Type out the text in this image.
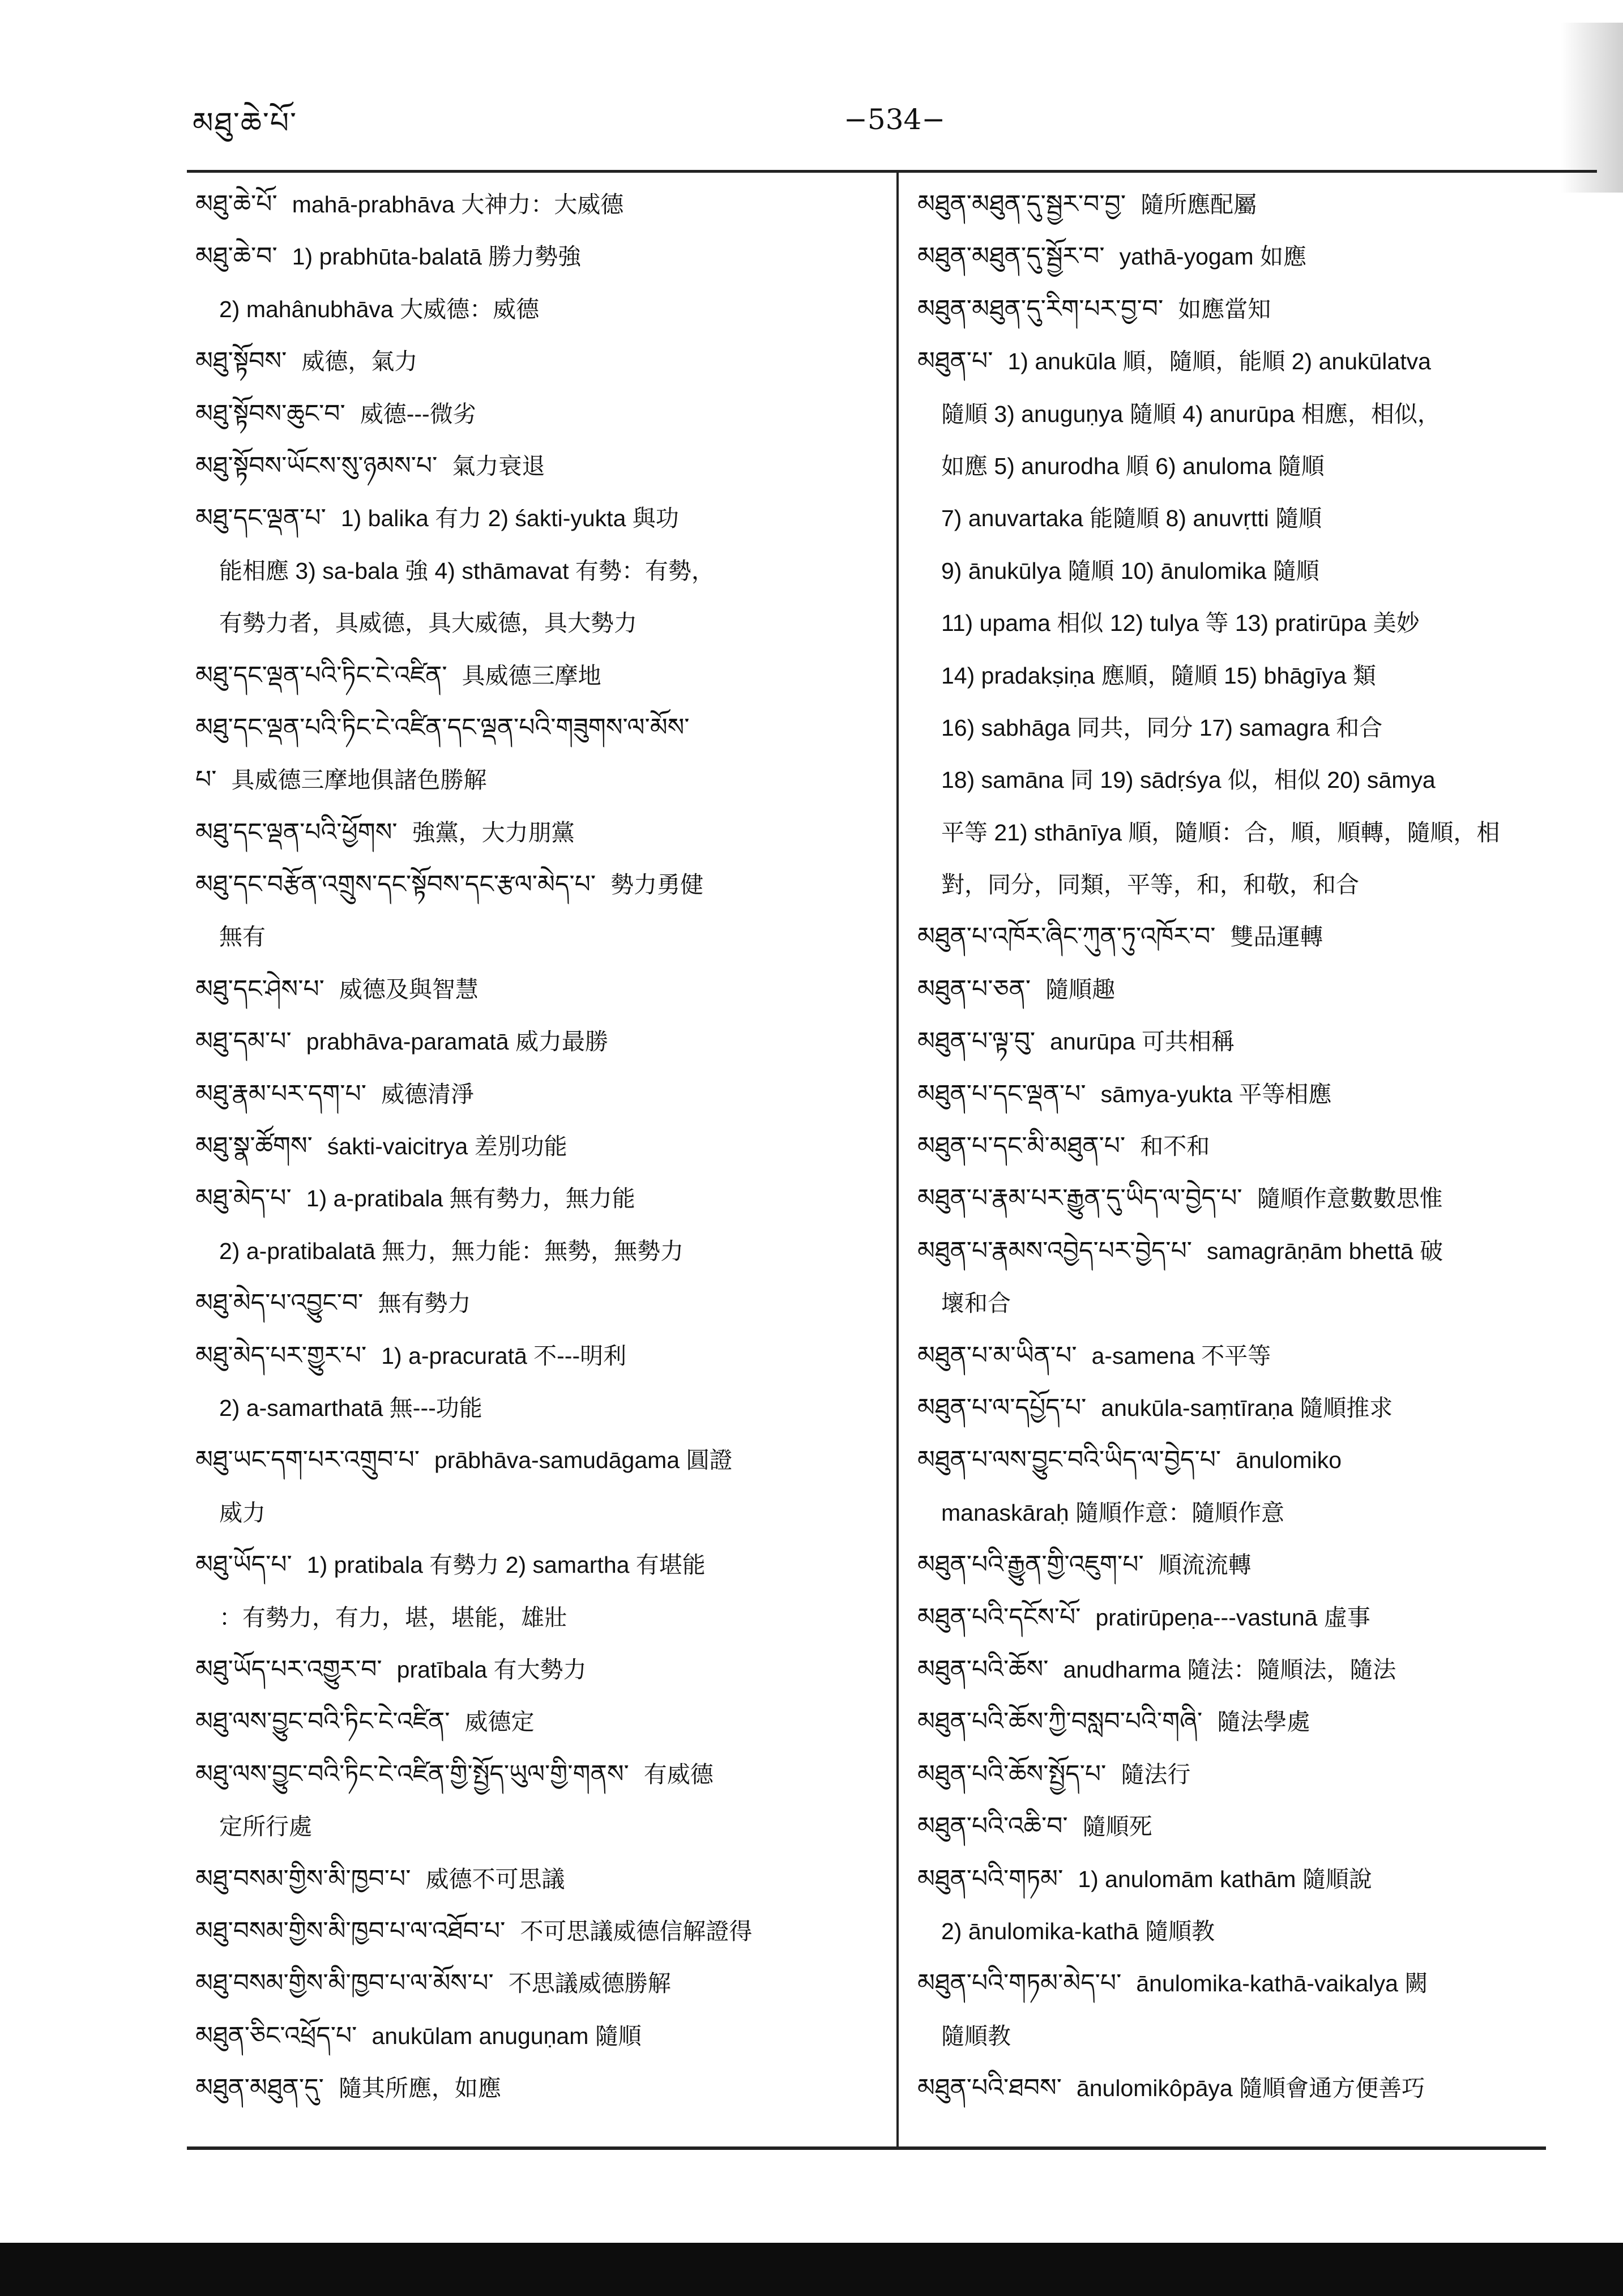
མཐུ་ཆེ་པོ་	−534−
མཐུ་ཆེ་པོ་ mahā-prabhāva 大神力：大威德
མཐུ་ཆེ་བ་ 1) prabhūta-balatā 勝力勢強
2) mahânubhāva 大威德：威德
མཐུ་སྟོབས་ 威德，氣力
མཐུ་སྟོབས་ཆུང་བ་ 威德---微劣
མཐུ་སྟོབས་ཡོངས་སུ་ཉམས་པ་ 氣力衰退
མཐུ་དང་ལྡན་པ་ 1) balika 有力 2) śakti-yukta 與功
能相應 3) sa-bala 強 4) sthāmavat 有勢：有勢，
有勢力者，具威德，具大威德，具大勢力
མཐུ་དང་ལྡན་པའི་ཏིང་ངེ་འཛིན་ 具威德三摩地
མཐུ་དང་ལྡན་པའི་ཏིང་ངེ་འཛིན་དང་ལྡན་པའི་གཟུགས་ལ་མོས་
པ་ 具威德三摩地俱諸色勝解
མཐུ་དང་ལྡན་པའི་ཕྱོགས་ 強黨，大力朋黨
མཐུ་དང་བརྩོན་འགྲུས་དང་སྟོབས་དང་རྩལ་མེད་པ་ 勢力勇健
無有
མཐུ་དང་ཤེས་པ་ 威德及與智慧
མཐུ་དམ་པ་ prabhāva-paramatā 威力最勝
མཐུ་རྣམ་པར་དག་པ་ 威德清淨
མཐུ་སྣ་ཚོགས་ śakti-vaicitrya 差別功能
མཐུ་མེད་པ་ 1) a-pratibala 無有勢力，無力能
2) a-pratibalatā 無力，無力能：無勢，無勢力
མཐུ་མེད་པ་འབྱུང་བ་ 無有勢力
མཐུ་མེད་པར་གྱུར་པ་ 1) a-pracuratā 不---明利
2) a-samarthatā 無---功能
མཐུ་ཡང་དག་པར་འགྲུབ་པ་ prābhāva-samudāgama 圓證
威力
མཐུ་ཡོད་པ་ 1) pratibala 有勢力 2) samartha 有堪能
：有勢力，有力，堪，堪能，雄壯
མཐུ་ཡོད་པར་འགྱུར་བ་ pratībala 有大勢力
མཐུ་ལས་བྱུང་བའི་ཏིང་ངེ་འཛིན་ 威德定
མཐུ་ལས་བྱུང་བའི་ཏིང་ངེ་འཛིན་གྱི་སྤྱོད་ཡུལ་གྱི་གནས་ 有威德
定所行處
མཐུ་བསམ་གྱིས་མི་ཁྱབ་པ་ 威德不可思議
མཐུ་བསམ་གྱིས་མི་ཁྱབ་པ་ལ་འཐོབ་པ་ 不可思議威德信解證得
མཐུ་བསམ་གྱིས་མི་ཁྱབ་པ་ལ་མོས་པ་ 不思議威德勝解
མཐུན་ཅིང་འཕྲོད་པ་ anukūlam anuguṇam 隨順
མཐུན་མཐུན་དུ་ 隨其所應，如應
མཐུན་མཐུན་དུ་སྦྱར་བ་བྱ་ 隨所應配屬
མཐུན་མཐུན་དུ་སྦྱོར་བ་ yathā-yogam 如應
མཐུན་མཐུན་དུ་རིག་པར་བྱ་བ་ 如應當知
མཐུན་པ་ 1) anukūla 順，隨順，能順 2) anukūlatva
隨順 3) anuguṇya 隨順 4) anurūpa 相應，相似，
如應 5) anurodha 順 6) anuloma 隨順
7) anuvartaka 能隨順 8) anuvṛtti 隨順
9) ānukūlya 隨順 10) ānulomika 隨順
11) upama 相似 12) tulya 等 13) pratirūpa 美妙
14) pradakṣiṇa 應順，隨順 15) bhāgīya 類
16) sabhāga 同共，同分 17) samagra 和合
18) samāna 同 19) sādṛśya 似，相似 20) sāmya
平等 21) sthānīya 順，隨順：合，順，順轉，隨順，相
對，同分，同類，平等，和，和敬，和合
མཐུན་པ་འཁོར་ཞིང་ཀུན་ཏུ་འཁོར་བ་ 雙品運轉
མཐུན་པ་ཅན་ 隨順趣
མཐུན་པ་ལྟ་བུ་ anurūpa 可共相稱
མཐུན་པ་དང་ལྡན་པ་ sāmya-yukta 平等相應
མཐུན་པ་དང་མི་མཐུན་པ་ 和不和
མཐུན་པ་རྣམ་པར་རྒྱུན་དུ་ཡིད་ལ་བྱེད་པ་ 隨順作意數數思惟
མཐུན་པ་རྣམས་འབྱེད་པར་བྱེད་པ་ samagrāṇām bhettā 破
壞和合
མཐུན་པ་མ་ཡིན་པ་ a-samena 不平等
མཐུན་པ་ལ་དཔྱོད་པ་ anukūla-saṃtīraṇa 隨順推求
མཐུན་པ་ལས་བྱུང་བའི་ཡིད་ལ་བྱེད་པ་ ānulomiko
manaskāraḥ 隨順作意：隨順作意
མཐུན་པའི་རྒྱུན་གྱི་འཇུག་པ་ 順流流轉
མཐུན་པའི་དངོས་པོ་ pratirūpeṇa---vastunā 虛事
མཐུན་པའི་ཆོས་ anudharma 隨法：隨順法，隨法
མཐུན་པའི་ཆོས་ཀྱི་བསླབ་པའི་གཞི་ 隨法學處
མཐུན་པའི་ཆོས་སྤྱོད་པ་ 隨法行
མཐུན་པའི་འཆི་བ་ 隨順死
མཐུན་པའི་གཏམ་ 1) anulomām kathām 隨順說
2) ānulomika-kathā 隨順教
མཐུན་པའི་གཏམ་མེད་པ་ ānulomika-kathā-vaikalya 闕
隨順教
མཐུན་པའི་ཐབས་ ānulomikôpāya 隨順會通方便善巧
